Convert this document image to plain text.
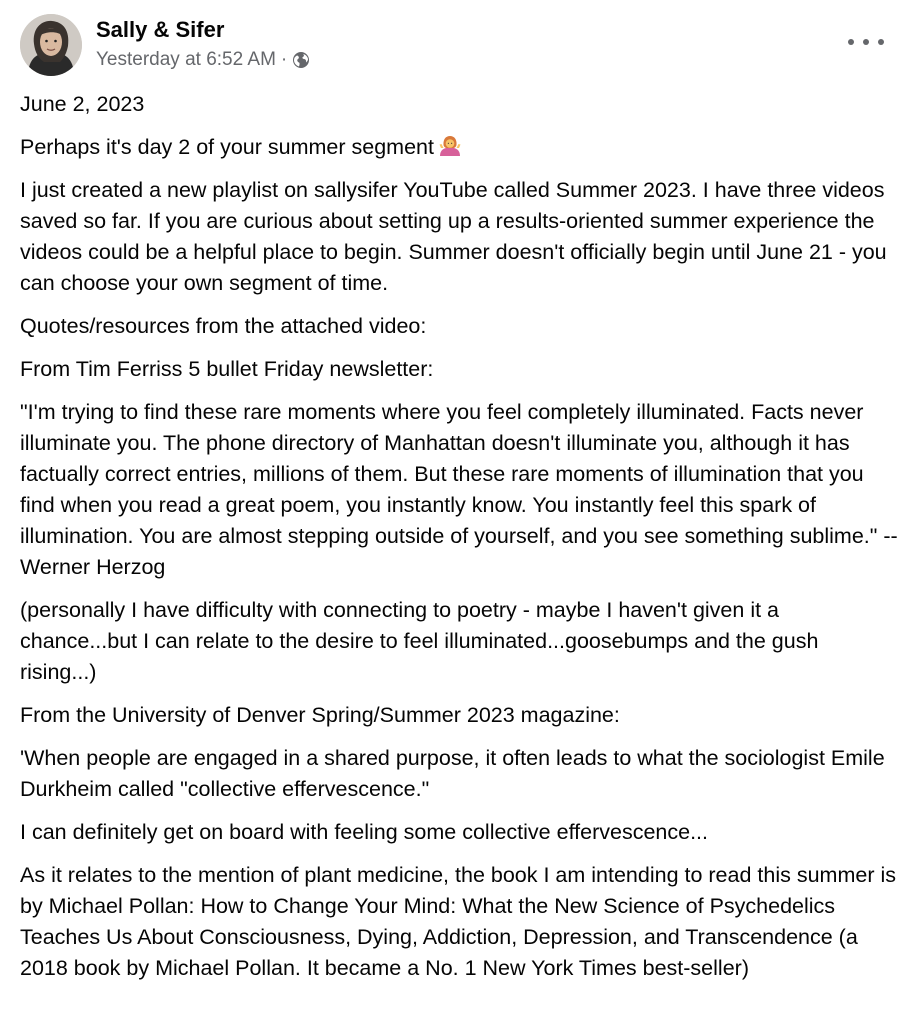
Sally & Sifer
Yesterday at 6:52 AM ·

June 2, 2023

Perhaps it's day 2 of your summer segment

I just created a new playlist on sallysifer YouTube called Summer 2023. I have three videos saved so far. If you are curious about setting up a results-oriented summer experience the videos could be a helpful place to begin. Summer doesn't officially begin until June 21 - you can choose your own segment of time.

Quotes/resources from the attached video:

From Tim Ferriss 5 bullet Friday newsletter:

"I'm trying to find these rare moments where you feel completely illuminated. Facts never illuminate you. The phone directory of Manhattan doesn't illuminate you, although it has factually correct entries, millions of them. But these rare moments of illumination that you find when you read a great poem, you instantly know. You instantly feel this spark of illumination. You are almost stepping outside of yourself, and you see something sublime." -- Werner Herzog

(personally I have difficulty with connecting to poetry - maybe I haven't given it a chance...but I can relate to the desire to feel illuminated...goosebumps and the gush rising...)

From the University of Denver Spring/Summer 2023 magazine:

'When people are engaged in a shared purpose, it often leads to what the sociologist Emile Durkheim called "collective effervescence."

I can definitely get on board with feeling some collective effervescence...

As it relates to the mention of plant medicine, the book I am intending to read this summer is by Michael Pollan: How to Change Your Mind: What the New Science of Psychedelics Teaches Us About Consciousness, Dying, Addiction, Depression, and Transcendence (a 2018 book by Michael Pollan. It became a No. 1 New York Times best-seller)
